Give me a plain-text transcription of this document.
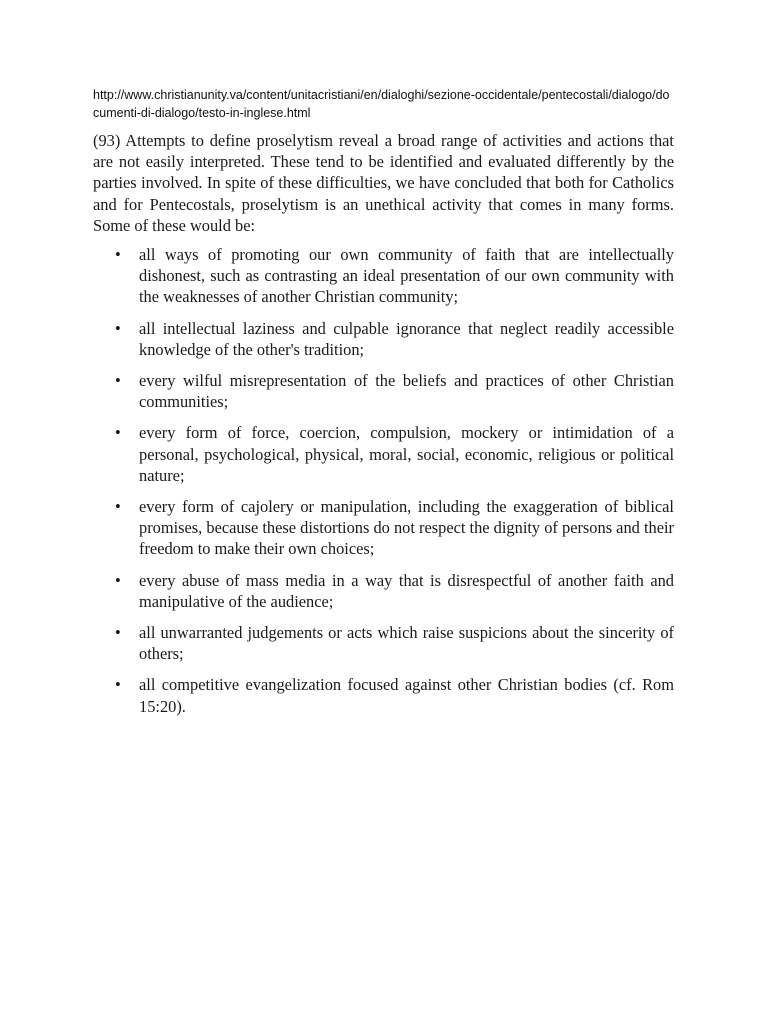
http://www.christianunity.va/content/unitacristiani/en/dialoghi/sezione-occidentale/pentecostali/dialogo/documenti-di-dialogo/testo-in-inglese.html

(93) Attempts to define proselytism reveal a broad range of activities and actions that are not easily interpreted. These tend to be identified and evaluated differently by the parties involved. In spite of these difficulties, we have concluded that both for Catholics and for Pentecostals, proselytism is an unethical activity that comes in many forms. Some of these would be:

• all ways of promoting our own community of faith that are intellectually dishonest, such as contrasting an ideal presentation of our own community with the weaknesses of another Christian community;
• all intellectual laziness and culpable ignorance that neglect readily accessible knowledge of the other's tradition;
• every wilful misrepresentation of the beliefs and practices of other Christian communities;
• every form of force, coercion, compulsion, mockery or intimidation of a personal, psychological, physical, moral, social, economic, religious or political nature;
• every form of cajolery or manipulation, including the exaggeration of biblical promises, because these distortions do not respect the dignity of persons and their freedom to make their own choices;
• every abuse of mass media in a way that is disrespectful of another faith and manipulative of the audience;
• all unwarranted judgements or acts which raise suspicions about the sincerity of others;
• all competitive evangelization focused against other Christian bodies (cf. Rom 15:20).
